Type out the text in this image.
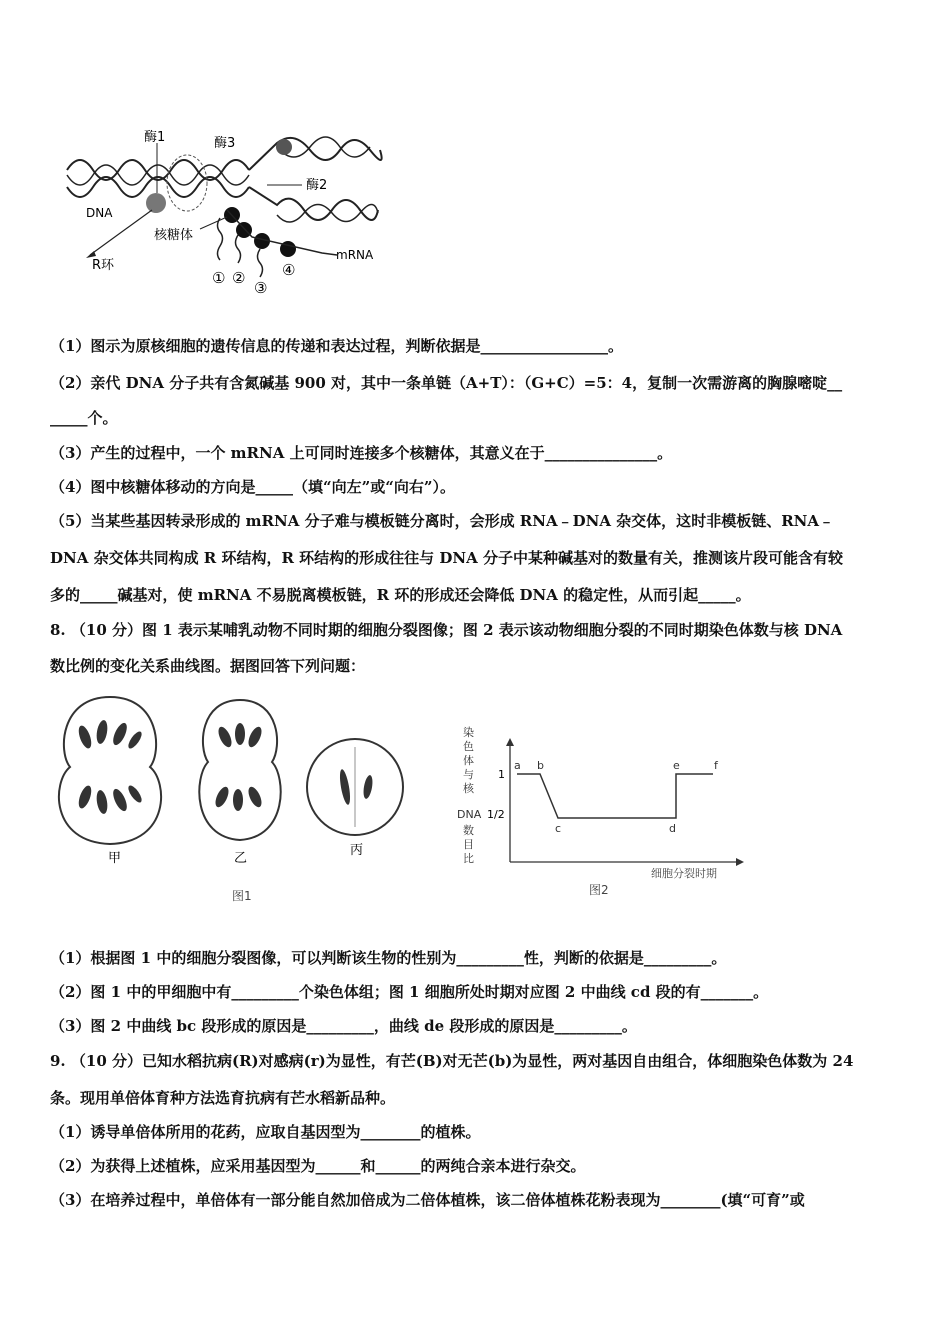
酶1	酶3
酶2
DNA
核糖体
R环
mRNA
① ②
③
④
（1）图示为原核细胞的遗传信息的传递和表达过程，判断依据是_________________。
（2）亲代 DNA 分子共有含氮碱基 900 对，其中一条单链（A+T）：（G+C）=5：4，复制一次需游离的胸腺嘧啶__
_____个。
（3）产生的过程中，一个 mRNA 上可同时连接多个核糖体，其意义在于_______________。
（4）图中核糖体移动的方向是_____（填“向左”或“向右”）。
（5）当某些基因转录形成的 mRNA 分子难与模板链分离时，会形成 RNA﹣DNA 杂交体，这时非模板链、RNA﹣
DNA 杂交体共同构成 R 环结构，R 环结构的形成往往与 DNA 分子中某种碱基对的数量有关，推测该片段可能含有较
多的_____碱基对，使 mRNA 不易脱离模板链，R 环的形成还会降低 DNA 的稳定性，从而引起_____。
8. （10 分）图 1 表示某哺乳动物不同时期的细胞分裂图像；图 2 表示该动物细胞分裂的不同时期染色体数与核 DNA
数比例的变化关系曲线图。据图回答下列问题：
甲	乙
丙
图1
染
色
体
与
核
DNA
数
目
比
1
1/2
a b
c	d
e	f
细胞分裂时期
图2
（1）根据图 1 中的细胞分裂图像，可以判断该生物的性别为_________性，判断的依据是_________。
（2）图 1 中的甲细胞中有_________个染色体组；图 1 细胞所处时期对应图 2 中曲线 cd 段的有_______。
（3）图 2 中曲线 bc 段形成的原因是_________，曲线 de 段形成的原因是_________。
9. （10 分）已知水稻抗病(R)对感病(r)为显性，有芒(B)对无芒(b)为显性，两对基因自由组合，体细胞染色体数为 24
条。现用单倍体育种方法选育抗病有芒水稻新品种。
（1）诱导单倍体所用的花药，应取自基因型为________的植株。
（2）为获得上述植株，应采用基因型为______和______的两纯合亲本进行杂交。
（3）在培养过程中，单倍体有一部分能自然加倍成为二倍体植株，该二倍体植株花粉表现为________(填“可育”或
